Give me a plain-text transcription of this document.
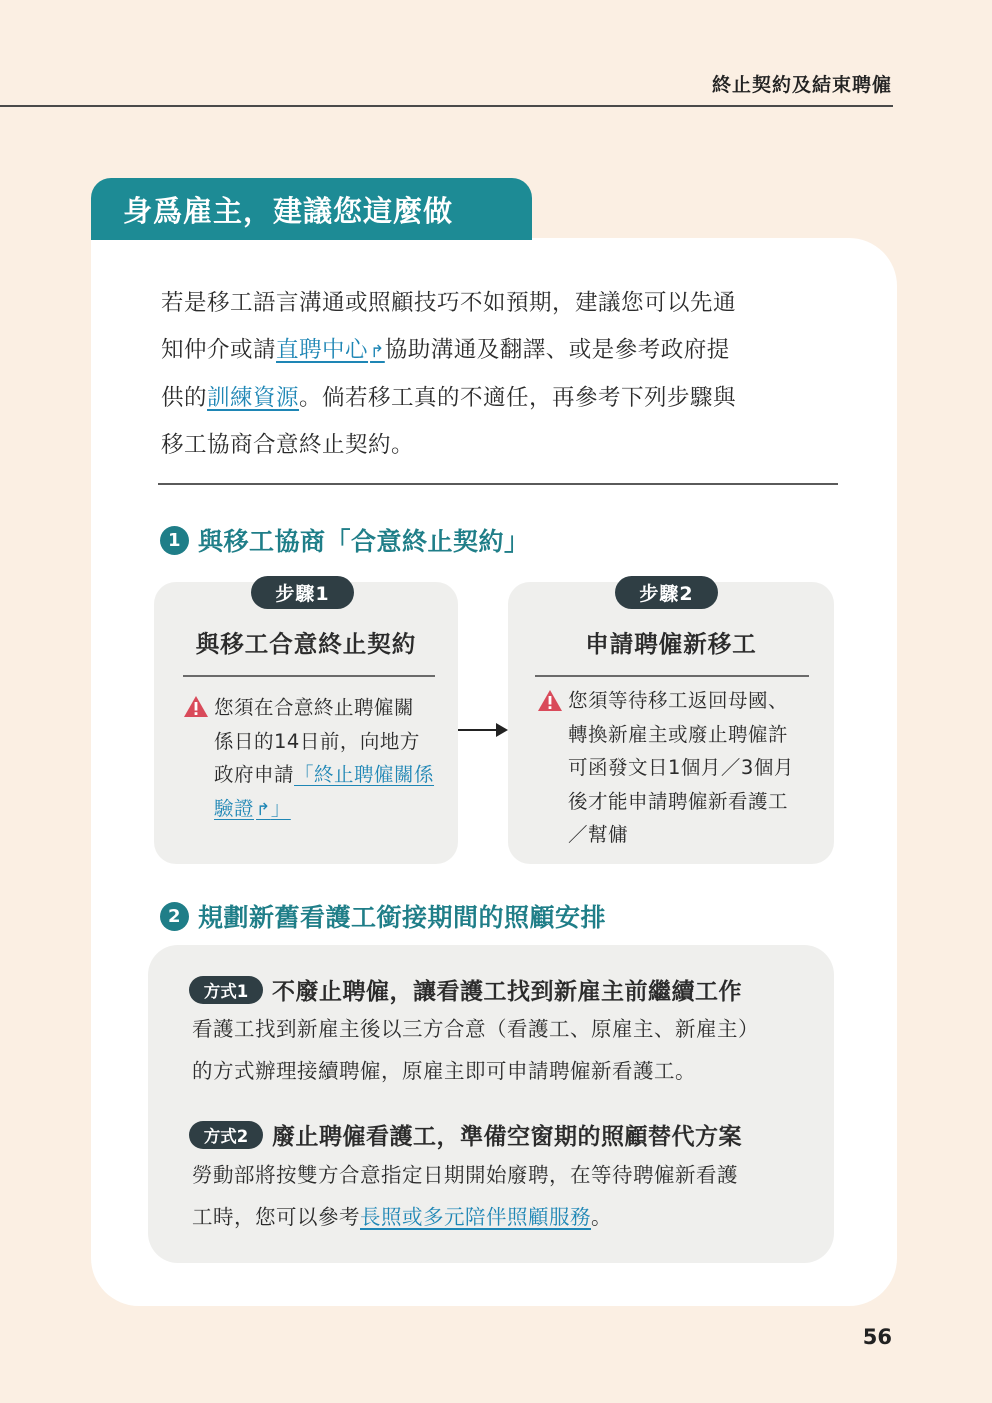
終止契約及結束聘僱
身爲雇主，建議您這麼做

若是移工語言溝通或照顧技巧不如預期，建議您可以先通

知仲介或請直聘中心 ↱協助溝通及翻譯、或是參考政府提

供的訓練資源。倘若移工真的不適任，再參考下列步驟與

移工協商合意終止契約。

1 與移工協商「合意終止契約」
步驟1
與移工合意終止契約
您須在合意終止聘僱關
係日的14日前，向地方
政府申請「終止聘僱關係
驗證 ↱」
步驟2
申請聘僱新移工
您須等待移工返回母國、
轉換新雇主或廢止聘僱許
可函發文日1個月／3個月
後才能申請聘僱新看護工
／幫傭
2 規劃新舊看護工銜接期間的照顧安排
方式1	不廢止聘僱，讓看護工找到新雇主前繼續工作
看護工找到新雇主後以三方合意（看護工、原雇主、新雇主）
的方式辦理接續聘僱，原雇主即可申請聘僱新看護工。
方式2	廢止聘僱看護工，準備空窗期的照顧替代方案
勞動部將按雙方合意指定日期開始廢聘，在等待聘僱新看護
工時，您可以參考長照或多元陪伴照顧服務。
56
